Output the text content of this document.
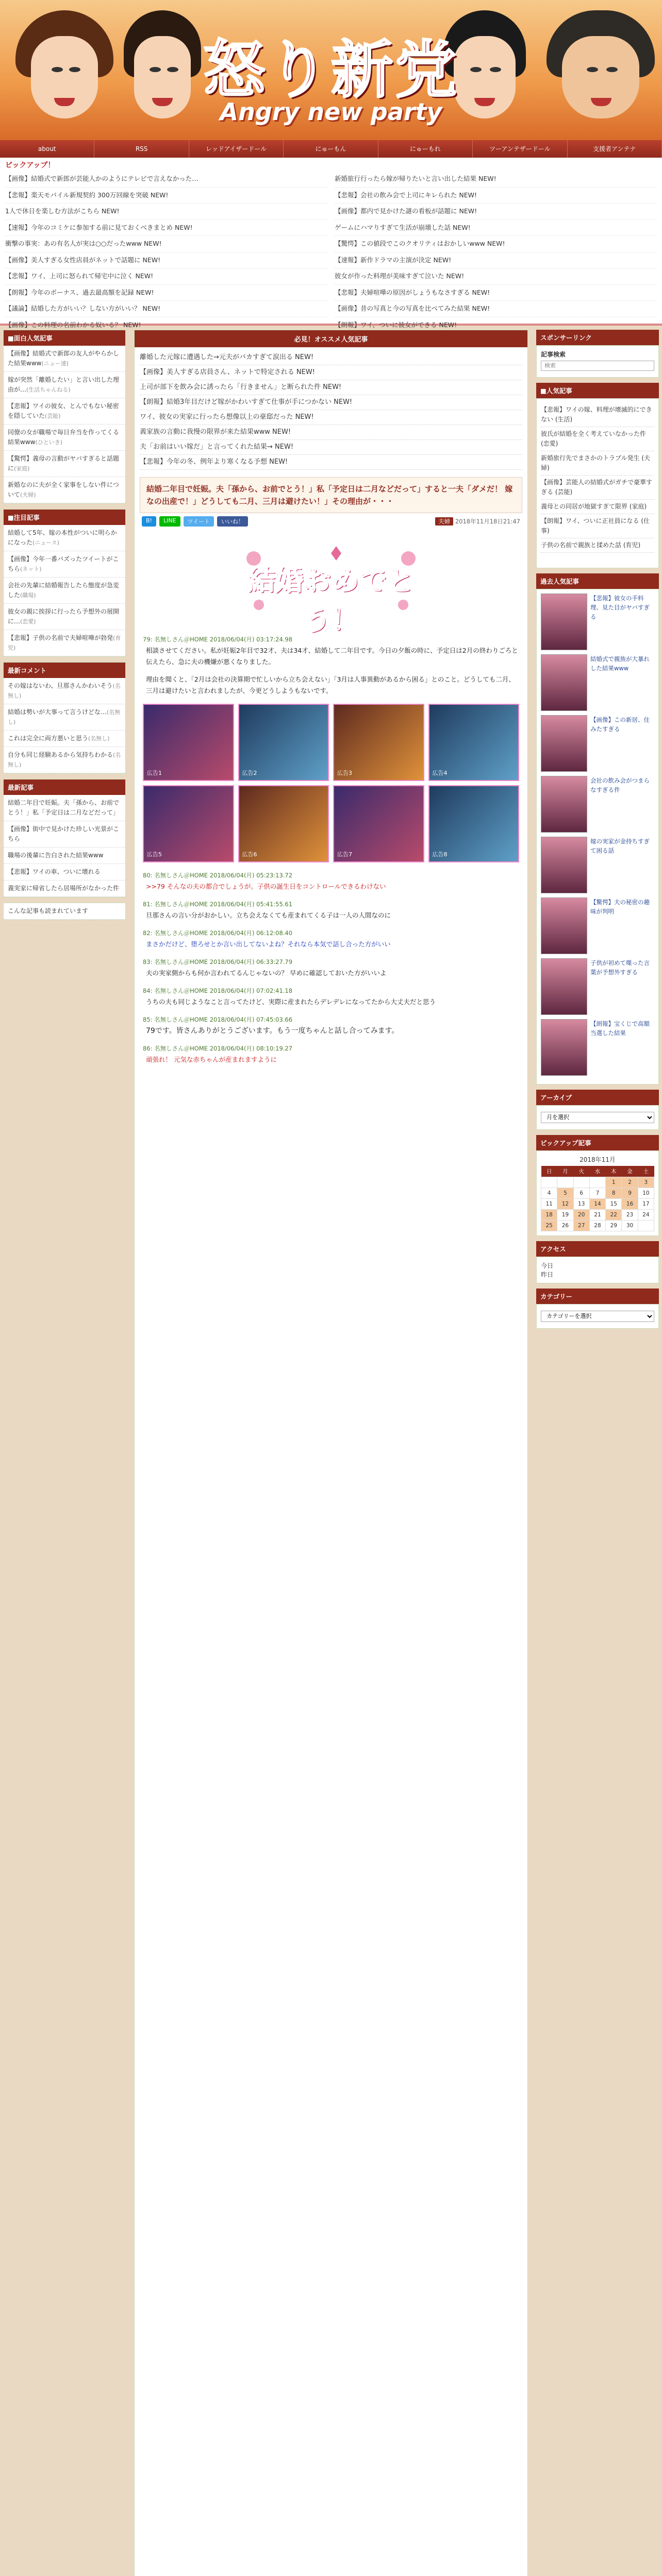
怒り新党
Angry new party
about	RSS	レッドアイザードール	にゅーもん	にゅーもれ	ツーアンテザードール	支援者アンテナ
ピックアップ！
【画像】結婚式で新郎が芸能人かのようにテレビで言えなかった…
【悲報】楽天モバイル新規契約 300万回線を突破 NEW!
1人で休日を楽しむ方法がこちら NEW!
【速報】今年のコミケに参加する前に見ておくべきまとめ NEW!
衝撃の事実：あの有名人が実は○○だったwww NEW!
【画像】美人すぎる女性店員がネットで話題に NEW!
【悲報】ワイ、上司に怒られて帰宅中に泣く NEW!
【朗報】今年のボーナス、過去最高額を記録 NEW!
【議論】結婚した方がいい？しない方がいい？ NEW!
【画像】この料理の名前わかる奴いる？ NEW!
新婚旅行行ったら嫁が帰りたいと言い出した結果 NEW!
【悲報】会社の飲み会で上司にキレられた NEW!
【画像】都内で見かけた謎の看板が話題に NEW!
ゲームにハマりすぎて生活が崩壊した話 NEW!
【驚愕】この値段でこのクオリティはおかしいwww NEW!
【速報】新作ドラマの主演が決定 NEW!
彼女が作った料理が美味すぎて泣いた NEW!
【悲報】夫婦喧嘩の原因がしょうもなさすぎる NEW!
【画像】昔の写真と今の写真を比べてみた結果 NEW!
【朗報】ワイ、ついに彼女ができる NEW!
■面白人気記事
【画像】結婚式で新郎の友人がやらかした結果www(ニュー速)
嫁が突然「離婚したい」と言い出した理由が…(生活ちゃんねる)
【悲報】ワイの彼女、とんでもない秘密を隠していた(芸能)
同僚の女が職場で毎日弁当を作ってくる結果www(ひといき)
【驚愕】義母の言動がヤバすぎると話題に(家庭)
新婚なのに夫が全く家事をしない件について(夫婦)
■注目記事
結婚して5年、嫁の本性がついに明らかになった(ニュース)
【画像】今年一番バズったツイートがこちら(ネット)
会社の先輩に結婚報告したら態度が急変した(職場)
彼女の親に挨拶に行ったら予想外の展開に…(恋愛)
【悲報】子供の名前で夫婦喧嘩が勃発(育児)
最新コメント
その嫁はないわ、旦那さんかわいそう(名無し)
結婚は勢いが大事って言うけどな…(名無し)
これは完全に両方悪いと思う(名無し)
自分も同じ経験あるから気持ちわかる(名無し)
最新記事
結婚二年目で妊娠。夫「孫から、お前でとう！」私「予定日は二月などだって」
【画像】街中で見かけた珍しい光景がこちら
職場の後輩に告白された結果www
【悲報】ワイの車、ついに壊れる
義実家に帰省したら居場所がなかった件
こんな記事も読まれています
必見！オススメ人気記事
離婚した元嫁に遭遇した→元夫がバカすぎて涙出る NEW!
【画像】美人すぎる店員さん、ネットで特定される NEW!
上司が部下を飲み会に誘ったら「行きません」と断られた件 NEW!
【朗報】結婚3年目だけど嫁がかわいすぎて仕事が手につかない NEW!
ワイ、彼女の実家に行ったら想像以上の豪邸だった NEW!
義家族の言動に我慢の限界が来た結果www NEW!
夫「お前はいい嫁だ」と言ってくれた結果→ NEW!
【悲報】今年の冬、例年より寒くなる予想 NEW!
結婚二年目で妊娠。夫「孫から、お前でとう！」私「予定日は二月などだって」すると一夫「ダメだ！ 嫁なの出産で！」どうしても二月、三月は避けたい！」その理由が・・・
B!	LINE	ツイート	いいね！	夫婦 2018年11月18日21:47
結婚おめでとう！
79: 名無しさん＠HOME 2018/06/04(月) 03:17:24.98
相談させてください。私が妊娠2年目で32才、夫は34才、結婚して二年目です。今日の夕飯の時に、予定日は2月の終わりごろと伝えたら、急に夫の機嫌が悪くなりました。
理由を聞くと、「2月は会社の決算期で忙しいから立ち会えない」「3月は人事異動があるから困る」とのこと。どうしても二月、三月は避けたいと言われましたが、今更どうしようもないです。
広告1	広告2	広告3	広告4
広告5	広告6	広告7	広告8
80: 名無しさん＠HOME 2018/06/04(月) 05:23:13.72
>>79 そんなの夫の都合でしょうが。子供の誕生日をコントロールできるわけない
81: 名無しさん＠HOME 2018/06/04(月) 05:41:55.61
旦那さんの言い分がおかしい。立ち会えなくても産まれてくる子は一人の人間なのに
82: 名無しさん＠HOME 2018/06/04(月) 06:12:08.40
まさかだけど、堕ろせとか言い出してないよね？それなら本気で話し合った方がいい
83: 名無しさん＠HOME 2018/06/04(月) 06:33:27.79
夫の実家側からも何か言われてるんじゃないの？ 早めに確認しておいた方がいいよ
84: 名無しさん＠HOME 2018/06/04(月) 07:02:41.18
うちの夫も同じようなこと言ってたけど、実際に産まれたらデレデレになってたから大丈夫だと思う
85: 名無しさん＠HOME 2018/06/04(月) 07:45:03.66
79です。皆さんありがとうございます。もう一度ちゃんと話し合ってみます。
86: 名無しさん＠HOME 2018/06/04(月) 08:10:19.27
頑張れ！ 元気な赤ちゃんが産まれますように
スポンサーリンク
記事検索
検索
■人気記事
【悲報】ワイの嫁、料理が壊滅的にできない (生活)
彼氏が結婚を全く考えていなかった件 (恋愛)
新婚旅行先でまさかのトラブル発生 (夫婦)
【画像】芸能人の結婚式がガチで豪華すぎる (芸能)
義母との同居が地獄すぎて限界 (家庭)
【朗報】ワイ、ついに正社員になる (仕事)
子供の名前で親族と揉めた話 (育児)
過去人気記事
【悲報】彼女の手料理、見た目がヤバすぎる
結婚式で親族が大暴れした結果www
【画像】この新居、住みたすぎる
会社の飲み会がつまらなすぎる件
嫁の実家が金持ちすぎて困る話
【驚愕】夫の秘密の趣味が判明
子供が初めて喋った言葉が予想外すぎる
【朗報】宝くじで高額当選した結果
アーカイブ
月を選択
ピックアップ記事
2018年11月
日	月	火	水	木	金	土
				1	2	3
4	5	6	7	8	9	10
11	12	13	14	15	16	17
18	19	20	21	22	23	24
25	26	27	28	29	30	
アクセス
今日
昨日
カテゴリー
カテゴリーを選択
